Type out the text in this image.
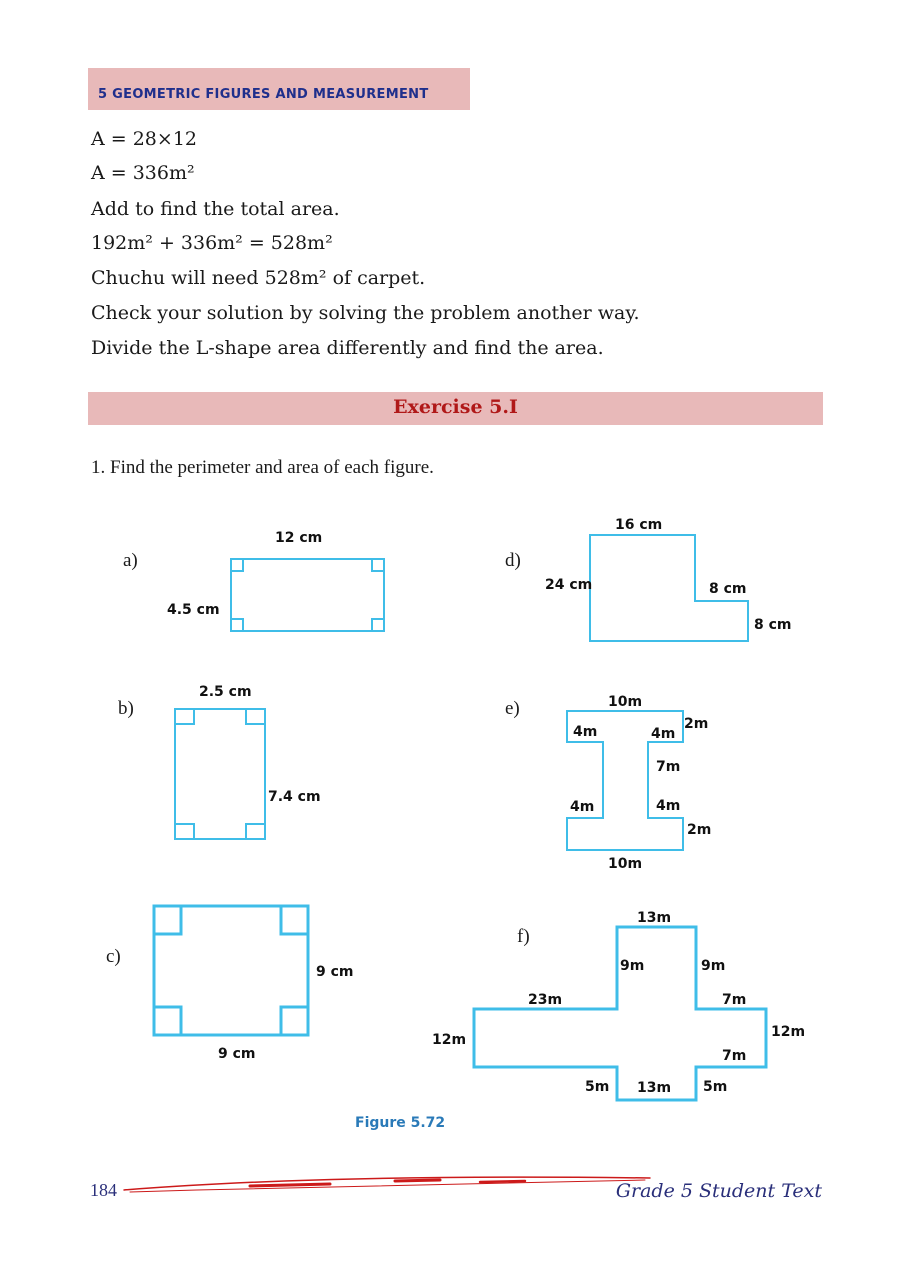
5 GEOMETRIC FIGURES AND MEASUREMENT
A = 28×12
A = 336m²
Add to find the total area.
192m² + 336m² = 528m²
Chuchu will need 528m² of carpet.
Check your solution by solving the problem another way.
Divide the L-shape area differently and find the area.
Exercise 5.I
1. Find the perimeter and area of each figure.
a)
b)
c)
d)
e)
f)
12 cm
4.5 cm
2.5 cm
7.4 cm
9 cm
9 cm
16 cm
24 cm	8 cm
8 cm
10m
4m	4m
2m
7m
4m	4m
2m
10m
13m
9m	9m
23m	7m
12m	12m
7m
5m 13m 5m
Figure 5.72
184	Grade 5 Student Text
